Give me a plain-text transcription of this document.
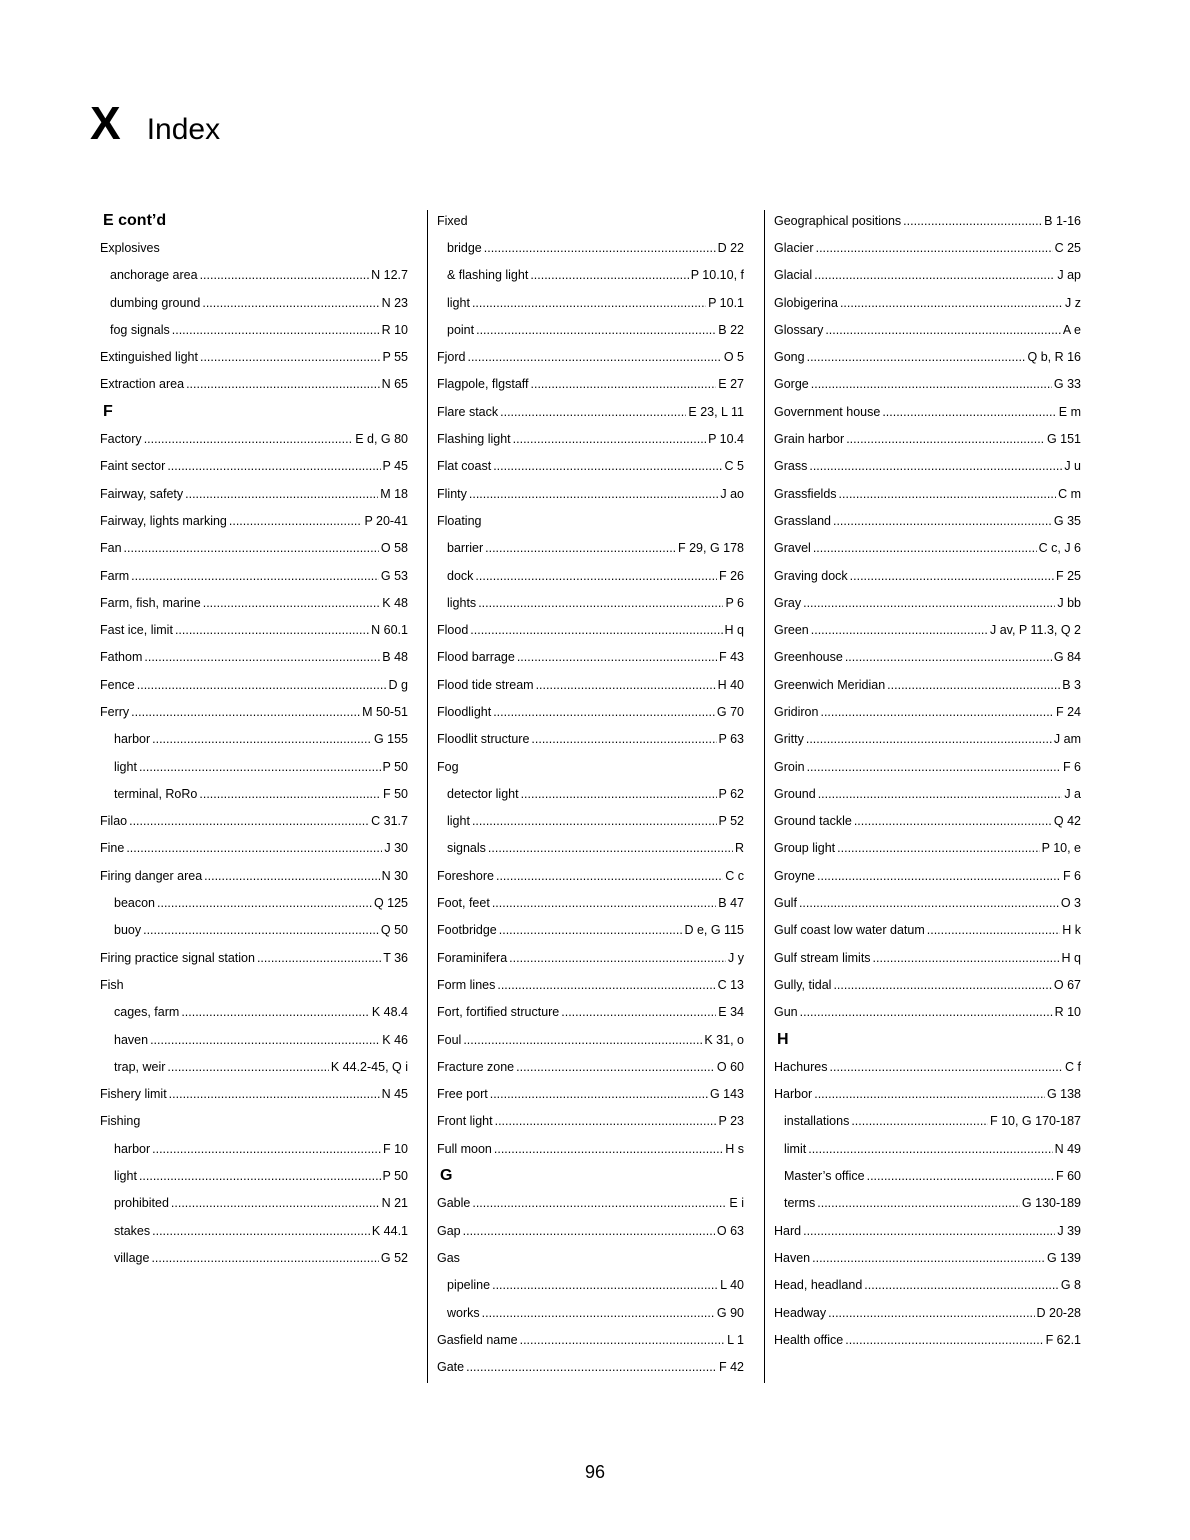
X Index
E cont’d
Explosives
anchorage area .....	N 12.7
dumbing ground .....	N 23
fog signals .....	R 10
Extinguished light .....	P 55
Extraction area .....	N 65
F
Factory .....	E d, G 80
Faint sector .....	P 45
Fairway, safety .....	M 18
Fairway, lights marking .....	P 20-41
Fan .....	O 58
Farm .....	G 53
Farm, fish, marine .....	K 48
Fast ice, limit .....	N 60.1
Fathom .....	B 48
Fence .....	D g
Ferry .....	M 50-51
harbor .....	G 155
light .....	P 50
terminal, RoRo .....	F 50
Filao .....	C 31.7
Fine .....	J 30
Firing danger area .....	N 30
beacon .....	Q 125
buoy .....	Q 50
Firing practice signal station .....	T 36
Fish
cages, farm .....	K 48.4
haven .....	K 46
trap, weir .....	K 44.2-45, Q i
Fishery limit .....	N 45
Fishing
harbor .....	F 10
light .....	P 50
prohibited .....	N 21
stakes .....	K 44.1
village .....	G 52
Fixed
bridge .....	D 22
& flashing light .....	P 10.10, f
light .....	P 10.1
point .....	B 22
Fjord .....	O 5
Flagpole, flgstaff .....	E 27
Flare stack .....	E 23, L 11
Flashing light .....	P 10.4
Flat coast .....	C 5
Flinty .....	J ao
Floating
barrier .....	F 29, G 178
dock .....	F 26
lights .....	P 6
Flood .....	H q
Flood barrage .....	F 43
Flood tide stream .....	H 40
Floodlight .....	G 70
Floodlit structure .....	P 63
Fog
detector light .....	P 62
light .....	P 52
signals .....	R
Foreshore .....	C c
Foot, feet .....	B 47
Footbridge .....	D e, G 115
Foraminifera .....	J y
Form lines .....	C 13
Fort, fortified structure .....	E 34
Foul .....	K 31, o
Fracture zone .....	O 60
Free port .....	G 143
Front light .....	P 23
Full moon .....	H s
G
Gable .....	E i
Gap .....	O 63
Gas
pipeline .....	L 40
works .....	G 90
Gasfield name .....	L 1
Gate .....	F 42
Geographical positions .....	B 1-16
Glacier .....	C 25
Glacial .....	J ap
Globigerina .....	J z
Glossary .....	A e
Gong .....	Q b, R 16
Gorge .....	G 33
Government house .....	E m
Grain harbor .....	G 151
Grass .....	J u
Grassfields .....	C m
Grassland .....	G 35
Gravel .....	C c, J 6
Graving dock .....	F 25
Gray .....	J bb
Green .....	J av, P 11.3, Q 2
Greenhouse .....	G 84
Greenwich Meridian .....	B 3
Gridiron .....	F 24
Gritty .....	J am
Groin .....	F 6
Ground .....	J a
Ground tackle .....	Q 42
Group light .....	P 10, e
Groyne .....	F 6
Gulf .....	O 3
Gulf coast low water datum .....	H k
Gulf stream limits .....	H q
Gully, tidal .....	O 67
Gun .....	R 10
H
Hachures .....	C f
Harbor .....	G 138
installations .....	F 10, G 170-187
limit .....	N 49
Master’s office .....	F 60
terms .....	G 130-189
Hard .....	J 39
Haven .....	G 139
Head, headland .....	G 8
Headway .....	D 20-28
Health office .....	F 62.1
96
